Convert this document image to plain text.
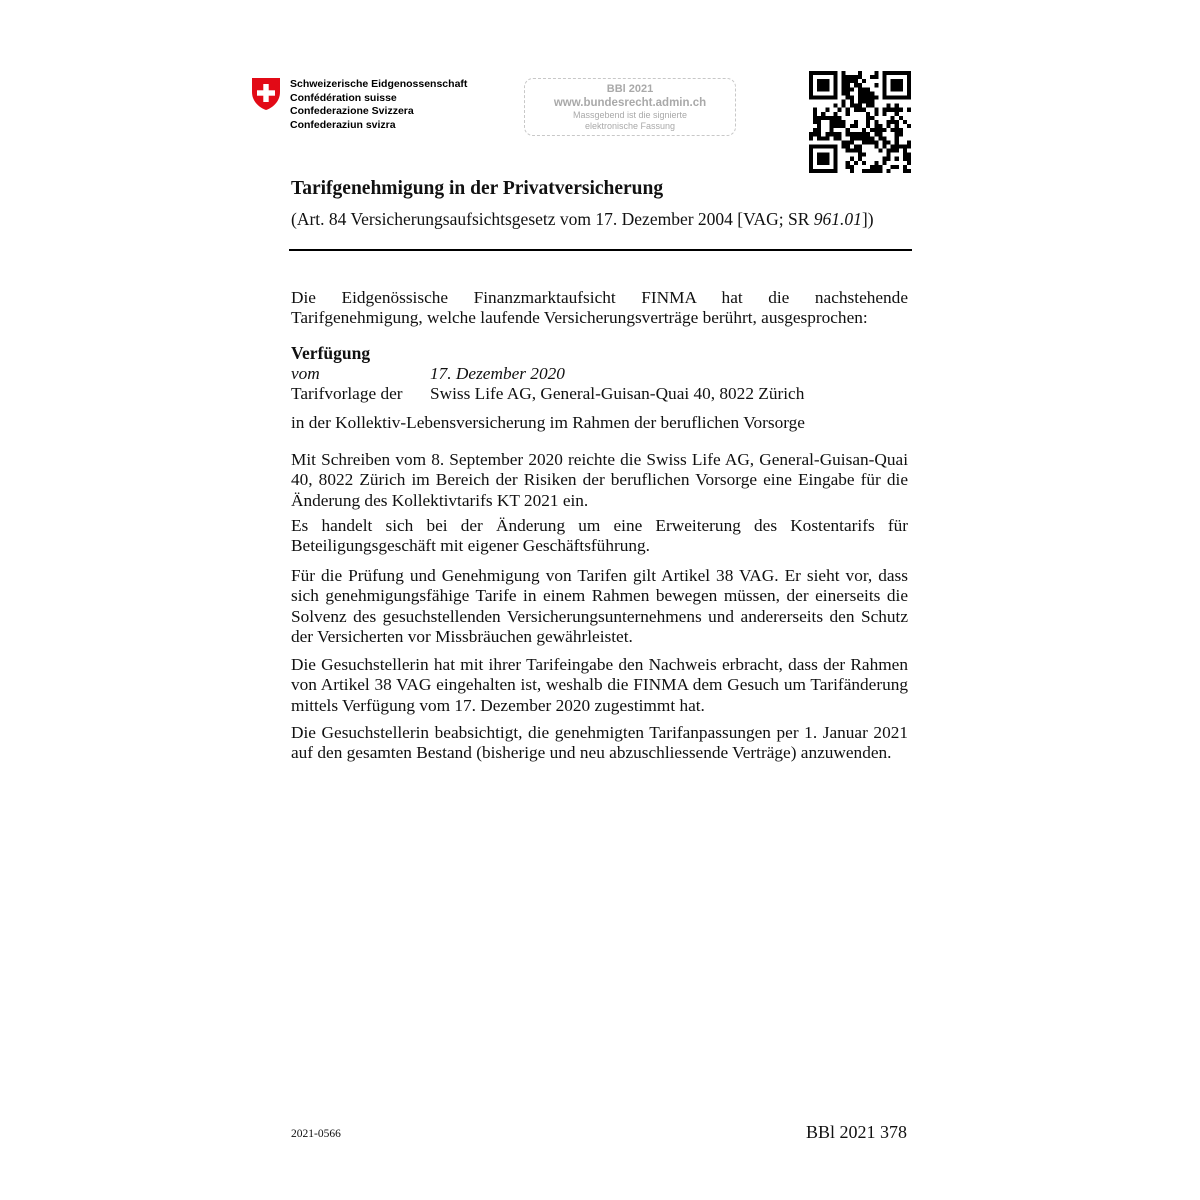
Schweizerische Eidgenossenschaft
Confédération suisse
Confederazione Svizzera
Confederaziun svizra
BBl 2021
www.bundesrecht.admin.ch
Massgebend ist die signierte
elektronische Fassung
Tarifgenehmigung in der Privatversicherung
(Art. 84 Versicherungsaufsichtsgesetz vom 17. Dezember 2004 [VAG; SR 961.01])
Die Eidgenössische Finanzmarktaufsicht FINMA hat die nachstehende Tarifgenehmigung, welche laufende Versicherungsverträge berührt, ausgesprochen:
Verfügung
vom	17. Dezember 2020
Tarifvorlage der Swiss Life AG, General-Guisan-Quai 40, 8022 Zürich
in der Kollektiv-Lebensversicherung im Rahmen der beruflichen Vorsorge
Mit Schreiben vom 8. September 2020 reichte die Swiss Life AG, General-Guisan-Quai 40, 8022 Zürich im Bereich der Risiken der beruflichen Vorsorge eine Eingabe für die Änderung des Kollektivtarifs KT 2021 ein.
Es handelt sich bei der Änderung um eine Erweiterung des Kostentarifs für Beteiligungsgeschäft mit eigener Geschäftsführung.
Für die Prüfung und Genehmigung von Tarifen gilt Artikel 38 VAG. Er sieht vor, dass sich genehmigungsfähige Tarife in einem Rahmen bewegen müssen, der einerseits die Solvenz des gesuchstellenden Versicherungsunternehmens und andererseits den Schutz der Versicherten vor Missbräuchen gewährleistet.
Die Gesuchstellerin hat mit ihrer Tarifeingabe den Nachweis erbracht, dass der Rahmen von Artikel 38 VAG eingehalten ist, weshalb die FINMA dem Gesuch um Tarifänderung mittels Verfügung vom 17. Dezember 2020 zugestimmt hat.
Die Gesuchstellerin beabsichtigt, die genehmigten Tarifanpassungen per 1. Januar 2021 auf den gesamten Bestand (bisherige und neu abzuschliessende Verträge) anzuwenden.
2021-0566	BBl 2021 378
